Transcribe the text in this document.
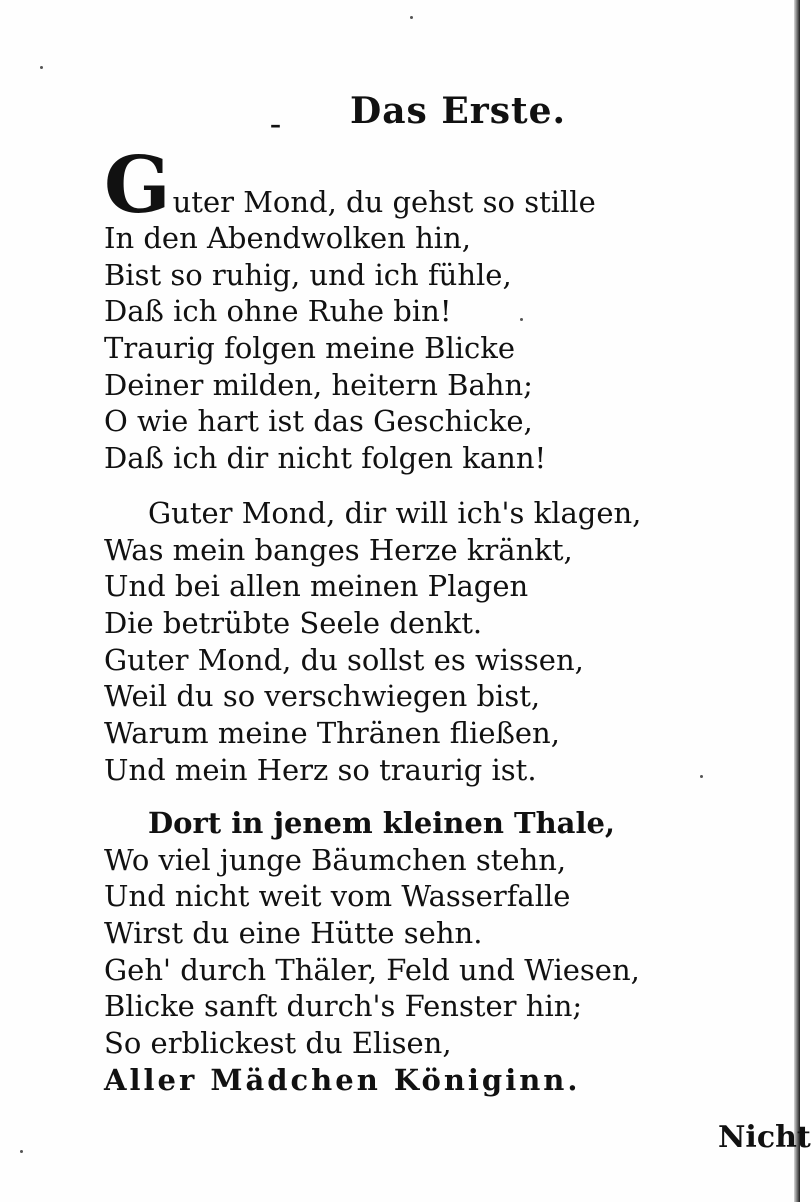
– Das Erste.
G uter Mond, du gehst so stille
In den Abendwolken hin,
Bist so ruhig, und ich fühle,
Daß ich ohne Ruhe bin!
Traurig folgen meine Blicke
Deiner milden, heitern Bahn;
O wie hart ist das Geschicke,
Daß ich dir nicht folgen kann!
Guter Mond, dir will ich's klagen,
Was mein banges Herze kränkt,
Und bei allen meinen Plagen
Die betrübte Seele denkt.
Guter Mond, du sollst es wissen,
Weil du so verschwiegen bist,
Warum meine Thränen fließen,
Und mein Herz so traurig ist.
Dort in jenem kleinen Thale,
Wo viel junge Bäumchen stehn,
Und nicht weit vom Wasserfalle
Wirst du eine Hütte sehn.
Geh' durch Thäler, Feld und Wiesen,
Blicke sanft durch's Fenster hin;
So erblickest du Elisen,
Aller Mädchen Königinn.
Nicht
